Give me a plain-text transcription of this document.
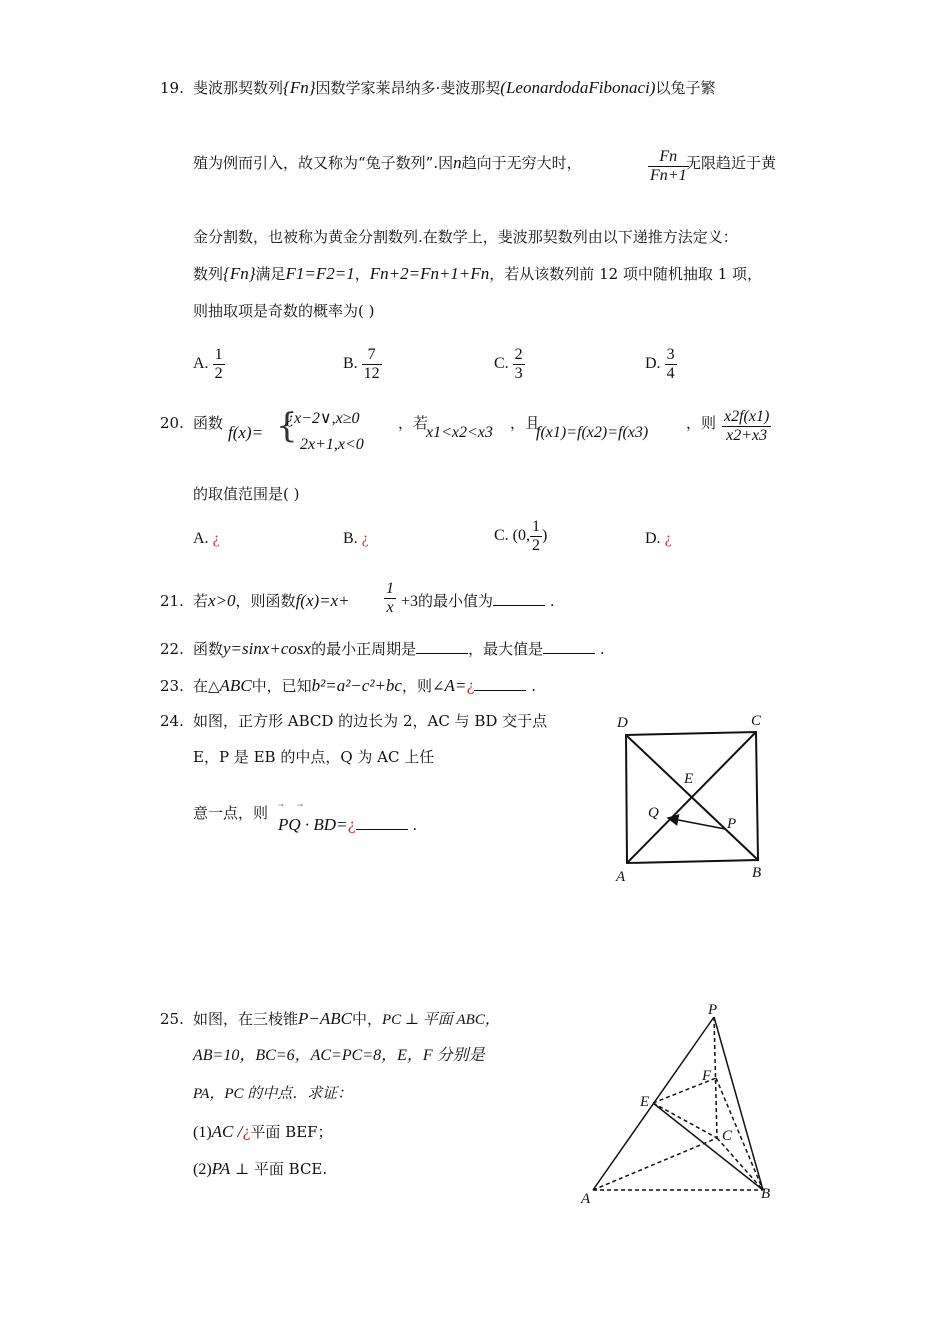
19. 斐波那契数列{Fn}因数学家莱昂纳多·斐波那契(LeonardodaFibonaci)以兔子繁
殖为例而引入，故又称为“兔子数列”.因n趋向于无穷大时，	$\frac{Fn}{Fn+1}$
无限趋近于黄
金分割数，也被称为黄金分割数列.在数学上，斐波那契数列由以下递推方法定义：
数列{Fn}满足F1=F2=1，Fn+2=Fn+1+Fn，若从该数列前 12 项中随机抽取 1 项，
则抽取项是奇数的概率为( )
A. $\frac{1}{2}$	B. $\frac{7}{12}$	C. $\frac{2}{3}$	D. $\frac{3}{4}$
20. 函数 f(x)= {
¿x−2∨,x≥0
2x+1,x<0
，若
x1<x2<x3
，且
f(x1)=f(x2)=f(x3)
，则 $\frac{x2f(x1)}{x2+x3}$
的取值范围是( )
A. ¿	B. ¿	C. (0, $\frac{1}{2}$ )	D. ¿
21. 若x>0，则函数$f(x)=x+ \frac{1}{x} +3$的最小值为	.
22. 函数y=sinx+cosx的最小正周期是	，最大值是	.
23. 在△ABC中，已知b²=a²−c²+bc，则∠A=¿	.
24. 如图，正方形 ABCD 的边长为 2，AC 与 BD 交于点
E，P 是 EB 的中点，Q 为 AC 上任
意一点，则

PQ · BD=¿	.
D	C
E
Q
P
A	B
25. 如图，在三棱锥P−ABC中，PC ⊥ 平面 ABC，
AB=10，BC=6，AC=PC=8，E，F 分别是
PA，PC 的中点．求证：
(1)AC /¿平面 BEF；
(2)PA ⊥ 平面 BCE.
P
F
E
C
A	B
